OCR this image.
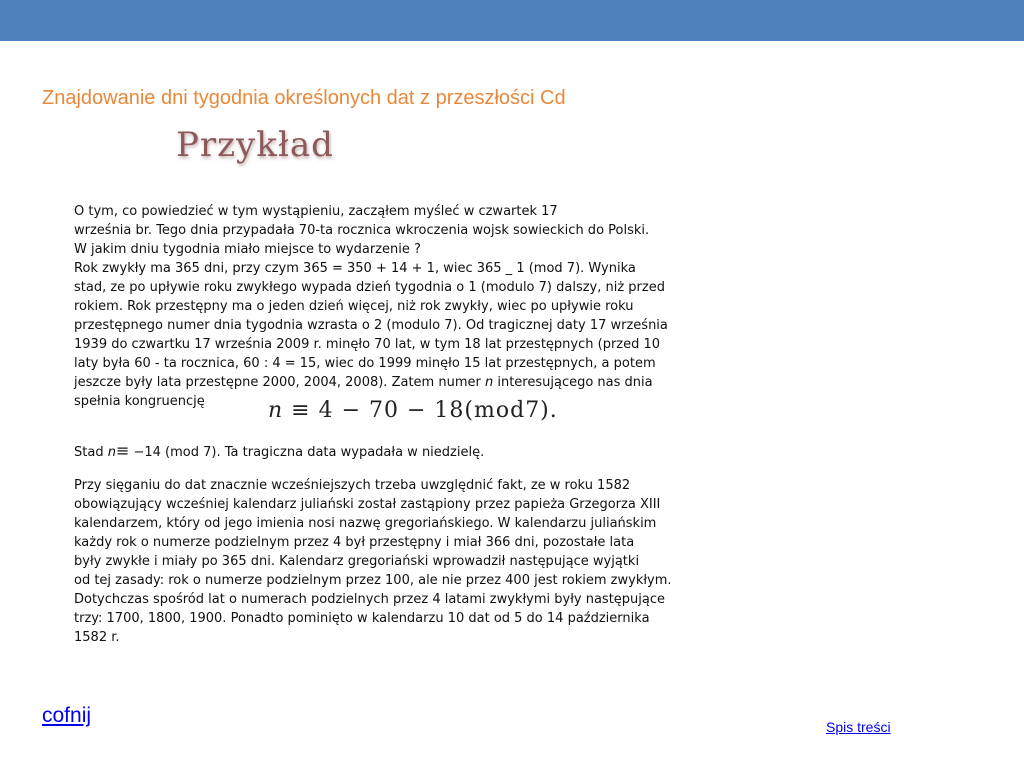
Znajdowanie dni tygodnia określonych dat z przeszłości Cd
Przykład

O tym, co powiedzieć w tym wystąpieniu, zacząłem myśleć w czwartek 17

września br. Tego dnia przypadała 70-ta rocznica wkroczenia wojsk sowieckich do Polski.

W jakim dniu tygodnia miało miejsce to wydarzenie ?

Rok zwykły ma 365 dni, przy czym 365 = 350 + 14 + 1, wiec 365 _ 1 (mod 7). Wynika

stad, ze po upływie roku zwykłego wypada dzień tygodnia o 1 (modulo 7) dalszy, niż przed

rokiem. Rok przestępny ma o jeden dzień więcej, niż rok zwykły, wiec po upływie roku

przestępnego numer dnia tygodnia wzrasta o 2 (modulo 7). Od tragicznej daty 17 września

1939 do czwartku 17 września 2009 r. minęło 70 lat, w tym 18 lat przestępnych (przed 10

laty była 60 - ta rocznica, 60 : 4 = 15, wiec do 1999 minęło 15 lat przestępnych, a potem

jeszcze były lata przestępne 2000, 2004, 2008). Zatem numer n interesującego nas dnia

spełnia kongruencję	n ≡ 4 − 70 − 18(mod7).
Stad n≡ −14 (mod 7). Ta tragiczna data wypadała w niedzielę.

Przy sięganiu do dat znacznie wcześniejszych trzeba uwzględnić fakt, ze w roku 1582

obowiązujący wcześniej kalendarz juliański został zastąpiony przez papieża Grzegorza XIII

kalendarzem, który od jego imienia nosi nazwę gregoriańskiego. W kalendarzu juliańskim

każdy rok o numerze podzielnym przez 4 był przestępny i miał 366 dni, pozostałe lata

były zwykłe i miały po 365 dni. Kalendarz gregoriański wprowadził następujące wyjątki

od tej zasady: rok o numerze podzielnym przez 100, ale nie przez 400 jest rokiem zwykłym.

Dotychczas spośród lat o numerach podzielnych przez 4 latami zwykłymi były następujące

trzy: 1700, 1800, 1900. Ponadto pominięto w kalendarzu 10 dat od 5 do 14 października

1582 r.

cofnij	Spis treści
